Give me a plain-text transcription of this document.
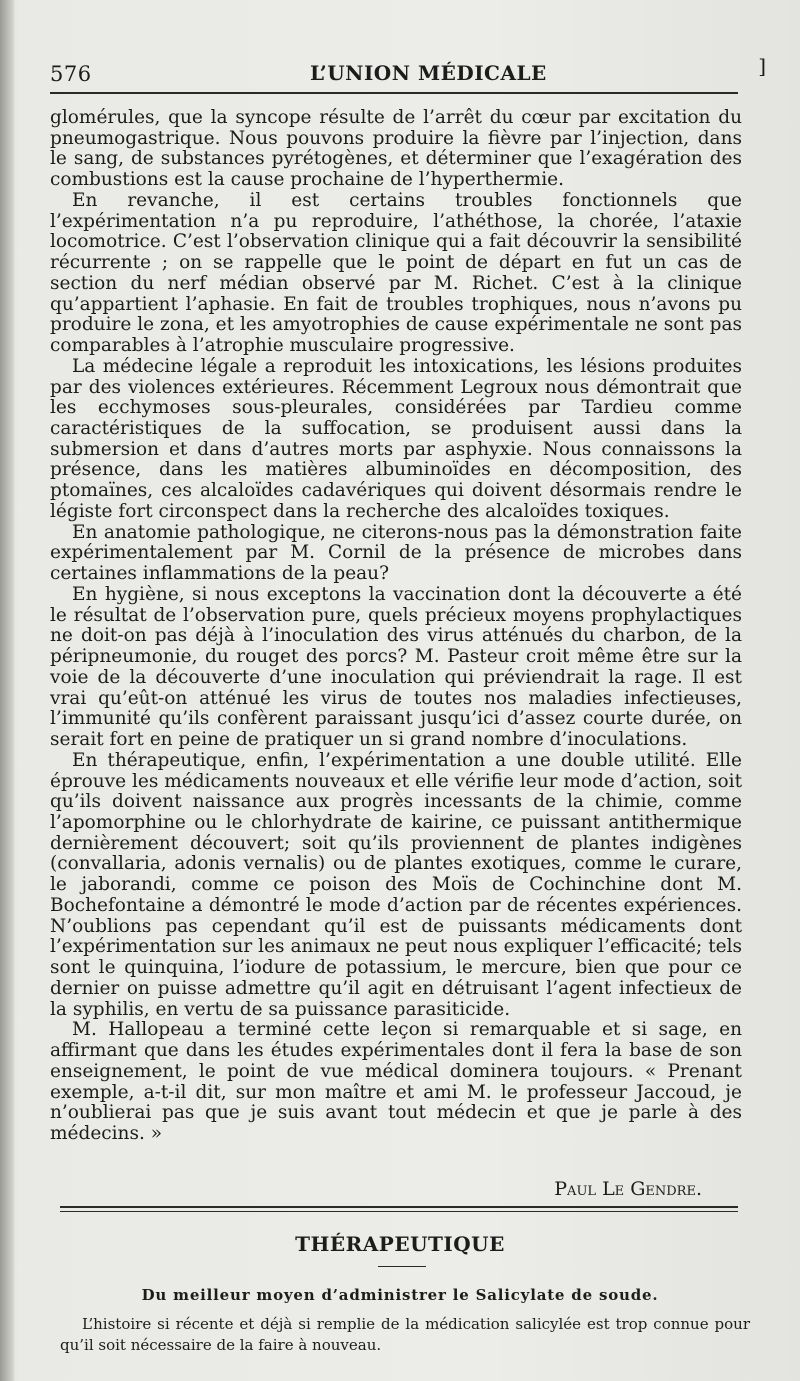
576	L’UNION MÉDICALE	]

glomérules, que la syncope résulte de l’arrêt du cœur par excitation du pneumogastrique. Nous pouvons produire la fièvre par l’injection, dans le sang, de substances pyrétogènes, et déterminer que l’exagération des combustions est la cause prochaine de l’hyperthermie.

En revanche, il est certains troubles fonctionnels que l’expérimentation n’a pu reproduire, l’athéthose, la chorée, l’ataxie locomotrice. C’est l’observation clinique qui a fait découvrir la sensibilité récurrente ; on se rappelle que le point de départ en fut un cas de section du nerf médian observé par M. Richet. C’est à la clinique qu’appartient l’aphasie. En fait de troubles trophiques, nous n’avons pu produire le zona, et les amyotrophies de cause expérimentale ne sont pas comparables à l’atrophie musculaire progressive.

La médecine légale a reproduit les intoxications, les lésions produites par des violences extérieures. Récemment Legroux nous démontrait que les ecchymoses sous-pleurales, considérées par Tardieu comme caractéristiques de la suffocation, se produisent aussi dans la submersion et dans d’autres morts par asphyxie. Nous connaissons la présence, dans les matières albuminoïdes en décomposition, des ptomaïnes, ces alcaloïdes cadavériques qui doivent désormais rendre le légiste fort circonspect dans la recherche des alcaloïdes toxiques.

En anatomie pathologique, ne citerons-nous pas la démonstration faite expérimentalement par M. Cornil de la présence de microbes dans certaines inflammations de la peau?

En hygiène, si nous exceptons la vaccination dont la découverte a été le résultat de l’observation pure, quels précieux moyens prophylactiques ne doit-on pas déjà à l’inoculation des virus atténués du charbon, de la péripneumonie, du rouget des porcs? M. Pasteur croit même être sur la voie de la découverte d’une inoculation qui préviendrait la rage. Il est vrai qu’eût-on atténué les virus de toutes nos maladies infectieuses, l’immunité qu’ils confèrent paraissant jusqu’ici d’assez courte durée, on serait fort en peine de pratiquer un si grand nombre d’inoculations.

En thérapeutique, enfin, l’expérimentation a une double utilité. Elle éprouve les médicaments nouveaux et elle vérifie leur mode d’action, soit qu’ils doivent naissance aux progrès incessants de la chimie, comme l’apomorphine ou le chlorhydrate de kairine, ce puissant antithermique dernièrement découvert; soit qu’ils proviennent de plantes indigènes (convallaria, adonis vernalis) ou de plantes exotiques, comme le curare, le jaborandi, comme ce poison des Moïs de Cochinchine dont M. Bochefontaine a démontré le mode d’action par de récentes expériences. N’oublions pas cependant qu’il est de puissants médicaments dont l’expérimentation sur les animaux ne peut nous expliquer l’efficacité; tels sont le quinquina, l’iodure de potassium, le mercure, bien que pour ce dernier on puisse admettre qu’il agit en détruisant l’agent infectieux de la syphilis, en vertu de sa puissance parasiticide.

M. Hallopeau a terminé cette leçon si remarquable et si sage, en affirmant que dans les études expérimentales dont il fera la base de son enseignement, le point de vue médical dominera toujours. « Prenant exemple, a-t-il dit, sur mon maître et ami M. le professeur Jaccoud, je n’oublierai pas que je suis avant tout médecin et que je parle à des médecins. »

Paul Le Gendre.
THÉRAPEUTIQUE
Du meilleur moyen d’administrer le Salicylate de soude.

L’histoire si récente et déjà si remplie de la médication salicylée est trop connue pour qu’il soit nécessaire de la faire à nouveau.
